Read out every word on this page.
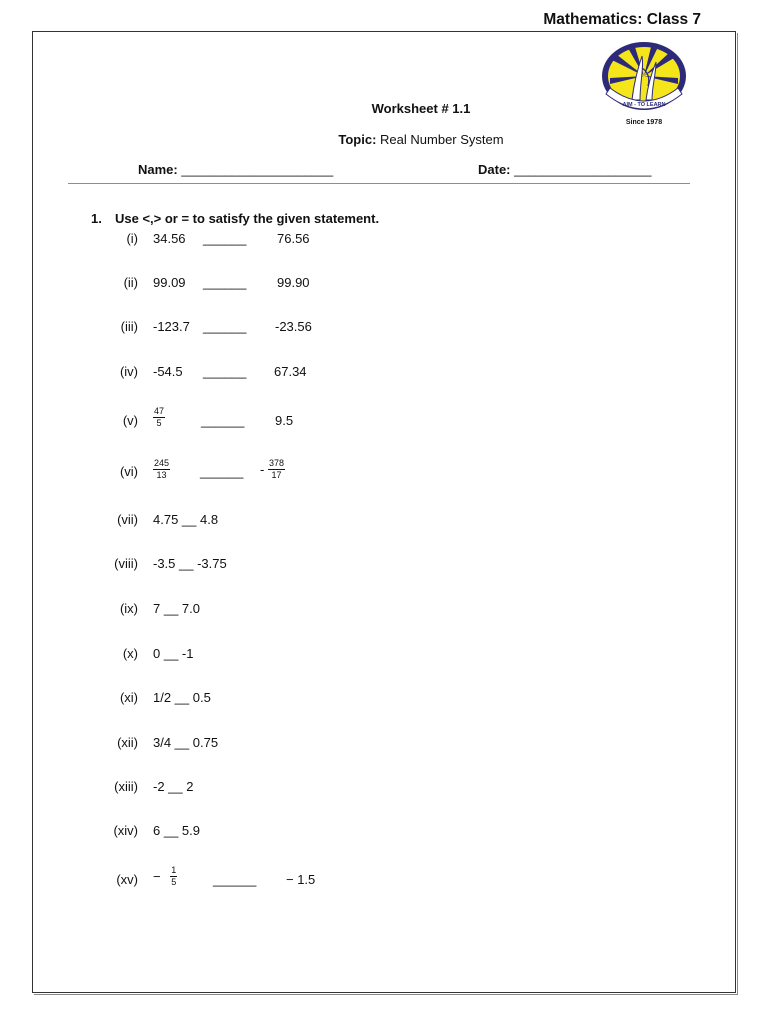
Mathematics: Class 7
AIM - TO LEARN
Since 1978
Worksheet # 1.1
Topic: Real Number System
Name: _____________________	Date: ___________________
1. Use <,> or = to satisfy the given statement.
(i) 34.56 ______ 76.56
(ii) 99.09 ______ 99.90
(iii) -123.7 ______ -23.56
(iv) -54.5 ______ 67.34
$(v) \frac{47}{5}$	______ 9.5
$(vi) \frac{245}{13}$ ______ - $\frac{378}{17}$
(vii) 4.75 __ 4.8
(viii) -3.5 __ -3.75
(ix) 7 __ 7.0
(x) 0 __ -1
(xi) 1/2 __ 0.5
(xii) 3/4 __ 0.75
(xiii) -2 __ 2
(xiv) 6 __ 5.9
$(xv) - \frac{1}{5}$	______ − 1.5
